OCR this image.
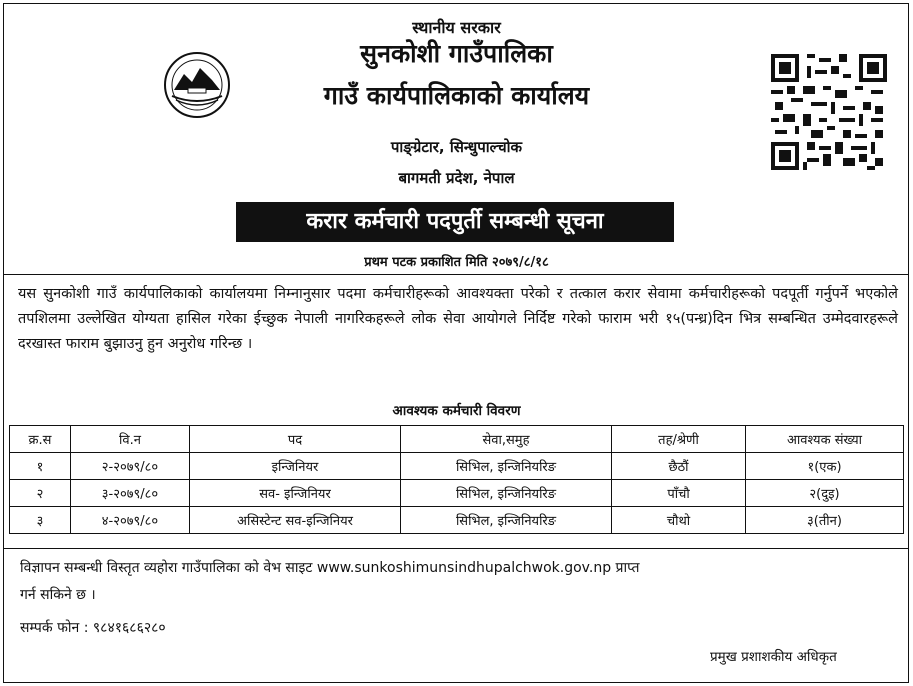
स्थानीय सरकार
सुनकोशी गाउँपालिका
गाउँ कार्यपालिकाको कार्यालय
पाङ्ग्रेटार, सिन्धुपाल्चोक
बागमती प्रदेश, नेपाल
करार कर्मचारी पदपुर्ती सम्बन्धी सूचना
प्रथम पटक प्रकाशित मिति २०७९/८/१८
यस सुनकोशी गाउँ कार्यपालिकाको कार्यालयमा निम्नानुसार पदमा कर्मचारीहरूको आवश्यक्ता परेको र तत्काल करार सेवामा कर्मचारीहरूको पदपूर्ती गर्नुपर्ने भएकोले तपशिलमा उल्लेखित योग्यता हासिल गरेका ईच्छुक नेपाली नागरिकहरूले लोक सेवा आयोगले निर्दिष्ट गरेको फाराम भरी १५(पन्ध्र)दिन भित्र सम्बन्धित उम्मेदवारहरूले दरखास्त फाराम बुझाउनु हुन अनुरोध गरिन्छ ।
आवश्यक कर्मचारी विवरण
क्र.स	वि.न	पद	सेवा,समुह	तह/श्रेणी	आवश्यक संख्या
१	२-२०७९/८०	इन्जिनियर	सिभिल, इन्जिनियरिङ	छैठौं	१(एक)
२	३-२०७९/८०	सव- इन्जिनियर	सिभिल, इन्जिनियरिङ	पाँचौ	२(दुइ)
३	४-२०७९/८०	असिस्टेन्ट सव-इन्जिनियर	सिभिल, इन्जिनियरिङ	चौथो	३(तीन)
विज्ञापन सम्बन्धी विस्तृत व्यहोरा गाउँपालिका को वेभ साइट www.sunkoshimunsindhupalchwok.gov.np प्राप्त
गर्न सकिने छ ।
सम्पर्क फोन : ९८४१६८६२८०
प्रमुख प्रशाशकीय अधिकृत
